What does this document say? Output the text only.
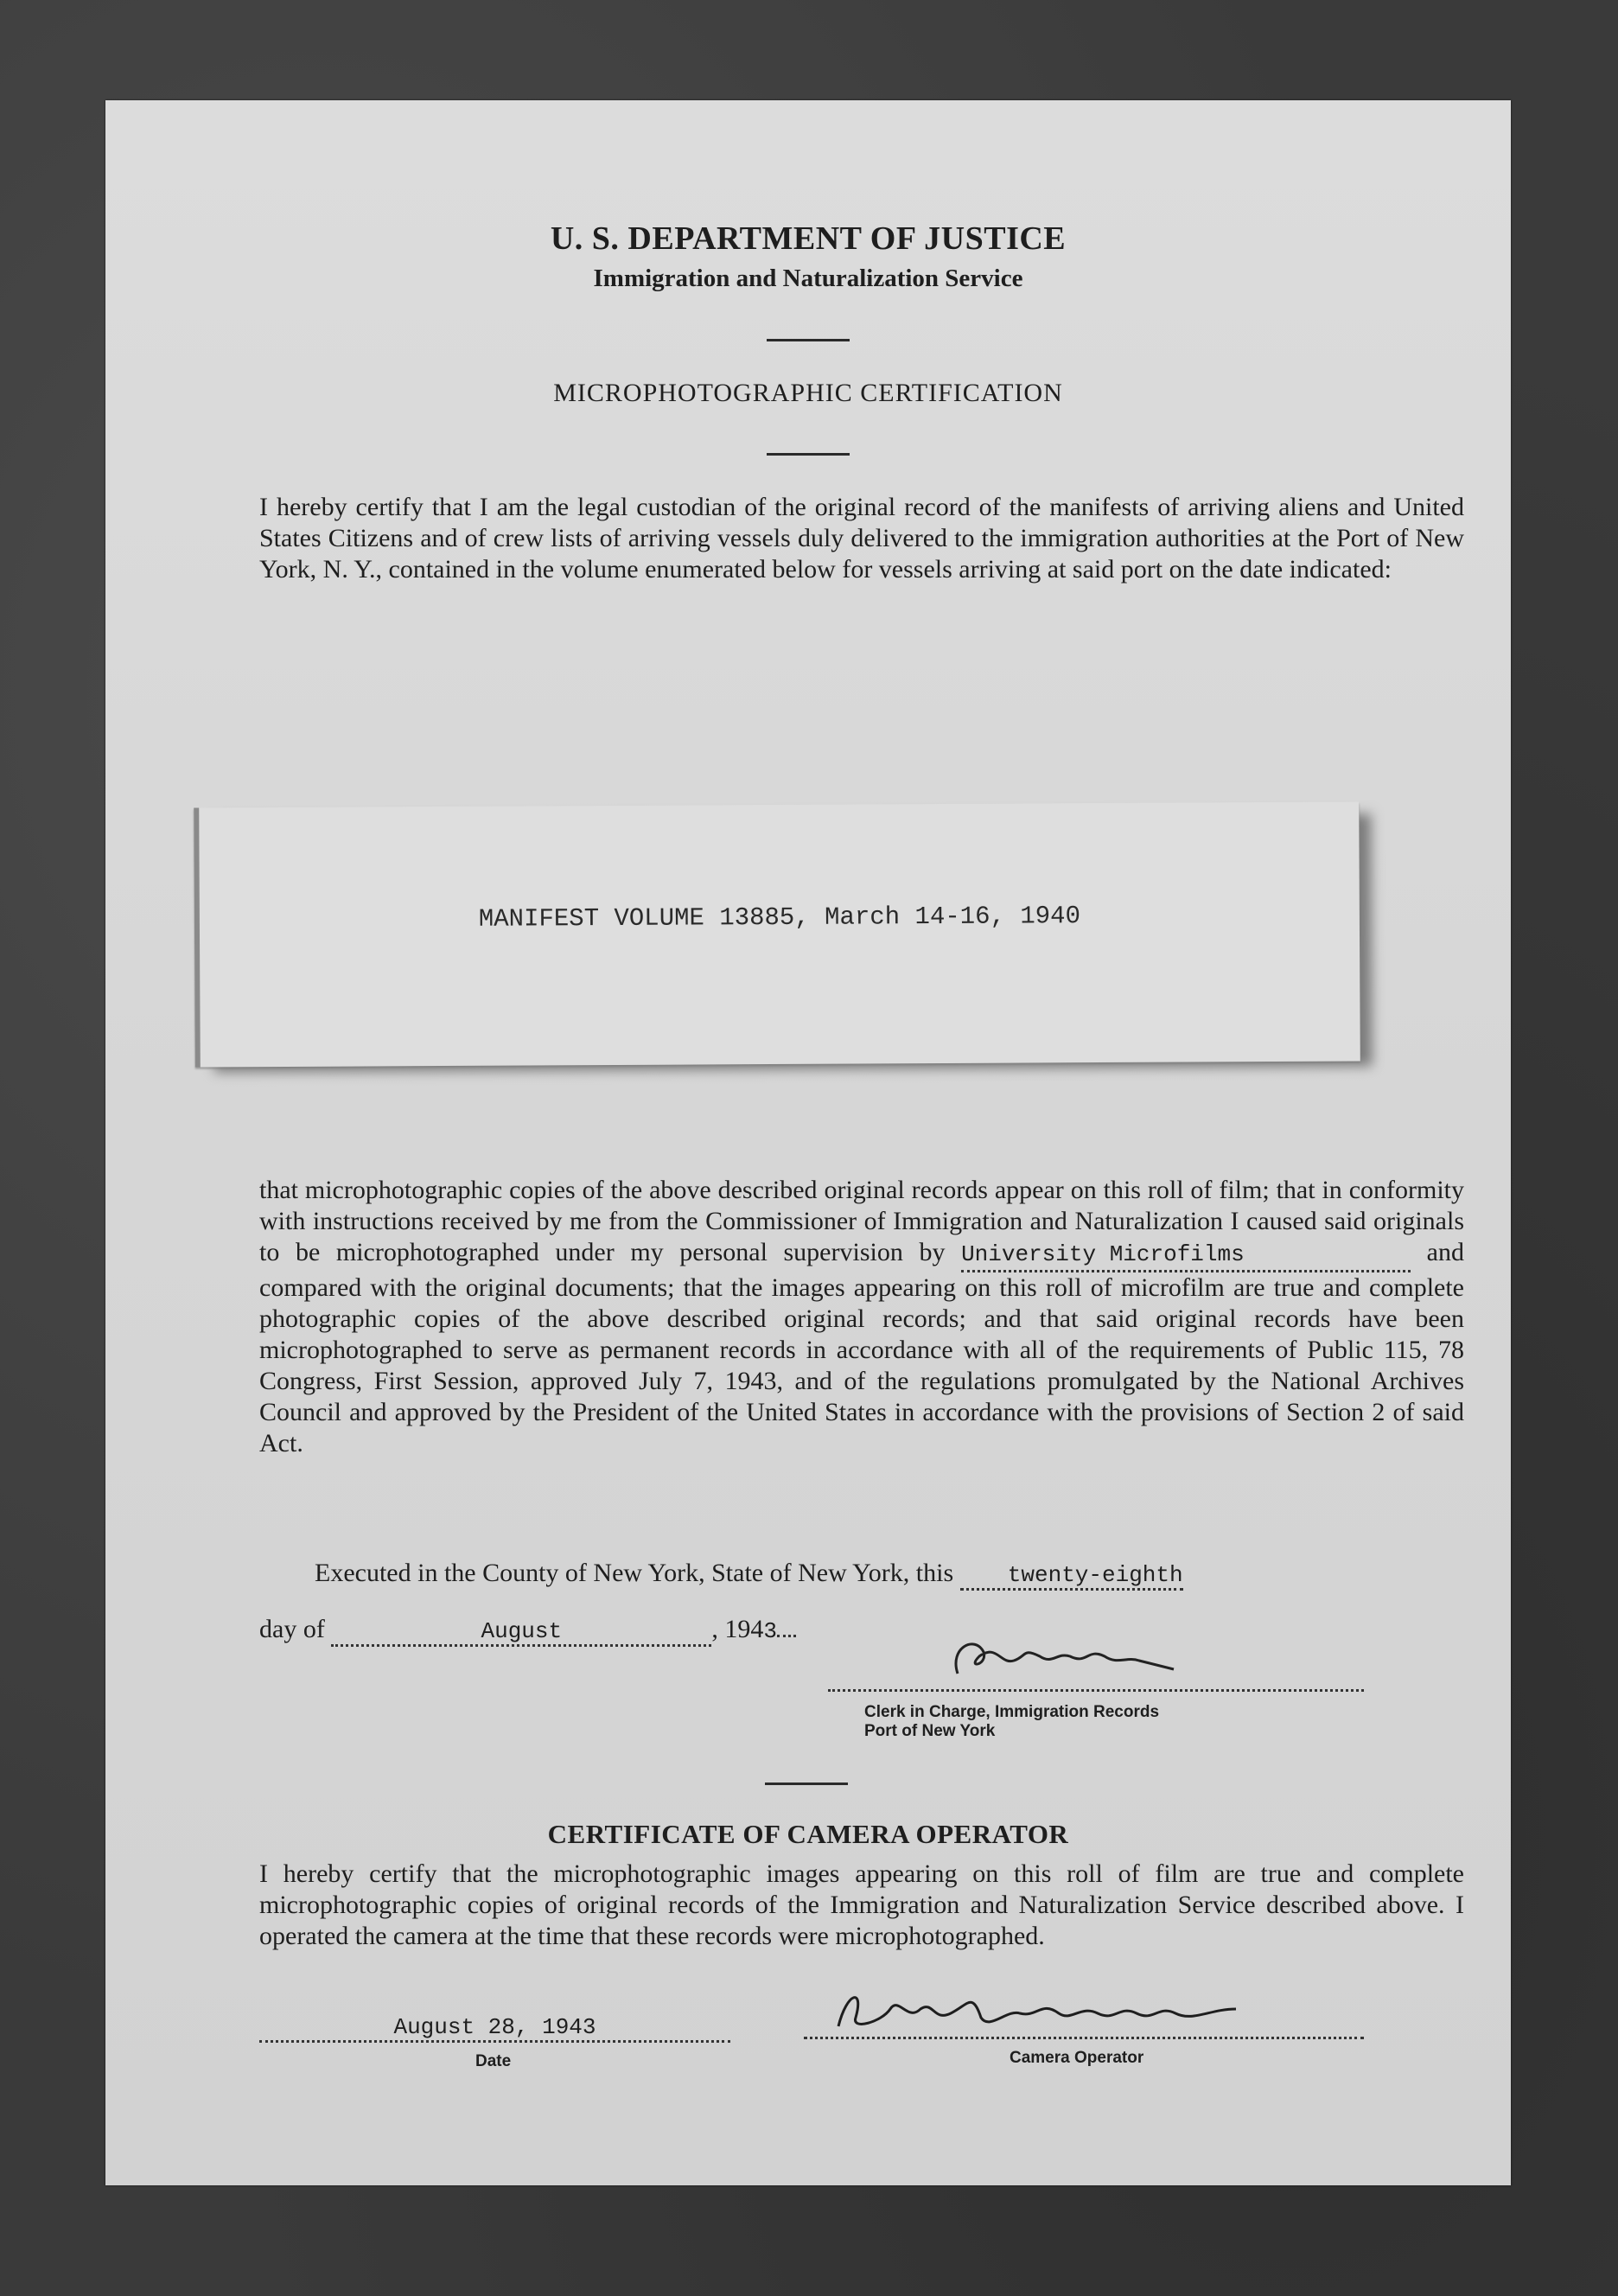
U. S. DEPARTMENT OF JUSTICE
Immigration and Naturalization Service
MICROPHOTOGRAPHIC CERTIFICATION
I hereby certify that I am the legal custodian of the original record of the manifests of arriving aliens and United States Citizens and of crew lists of arriving vessels duly delivered to the immigration authorities at the Port of New York, N. Y., contained in the volume enumerated below for vessels arriving at said port on the date indicated:
MANIFEST VOLUME 13885, March 14-16, 1940
that microphotographic copies of the above described original records appear on this roll of film; that in conformity with instructions received by me from the Commissioner of Immigration and Naturalization I caused said originals to be microphotographed under my personal supervision by University Microfilms	and compared with the original documents; that the images appearing on this roll of microfilm are true and complete photographic copies of the above described original records; and that said original records have been microphotographed to serve as permanent records in accordance with all of the requirements of Public 115, 78 Congress, First Session, approved July 7, 1943, and of the regulations promulgated by the National Archives Council and approved by the President of the United States in accordance with the provisions of Section 2 of said Act.
Executed in the County of New York, State of New York, this twenty-eighth
day of	August	, 1943
Clerk in Charge, Immigration Records
Port of New York
CERTIFICATE OF CAMERA OPERATOR
I hereby certify that the microphotographic images appearing on this roll of film are true and complete microphotographic copies of original records of the Immigration and Naturalization Service described above. I operated the camera at the time that these records were microphotographed.
August 28, 1943
Date	Camera Operator
